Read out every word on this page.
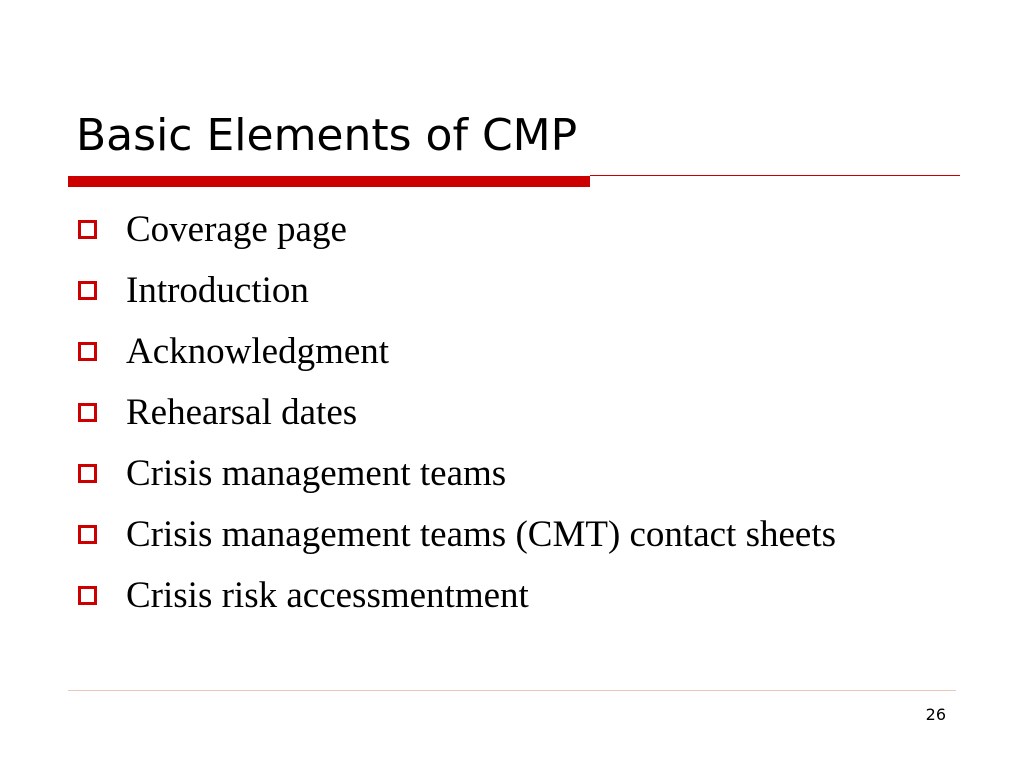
Basic Elements of CMP
Coverage page
Introduction
Acknowledgment
Rehearsal dates
Crisis management teams
Crisis management teams (CMT) contact sheets
Crisis risk accessmentment
26
